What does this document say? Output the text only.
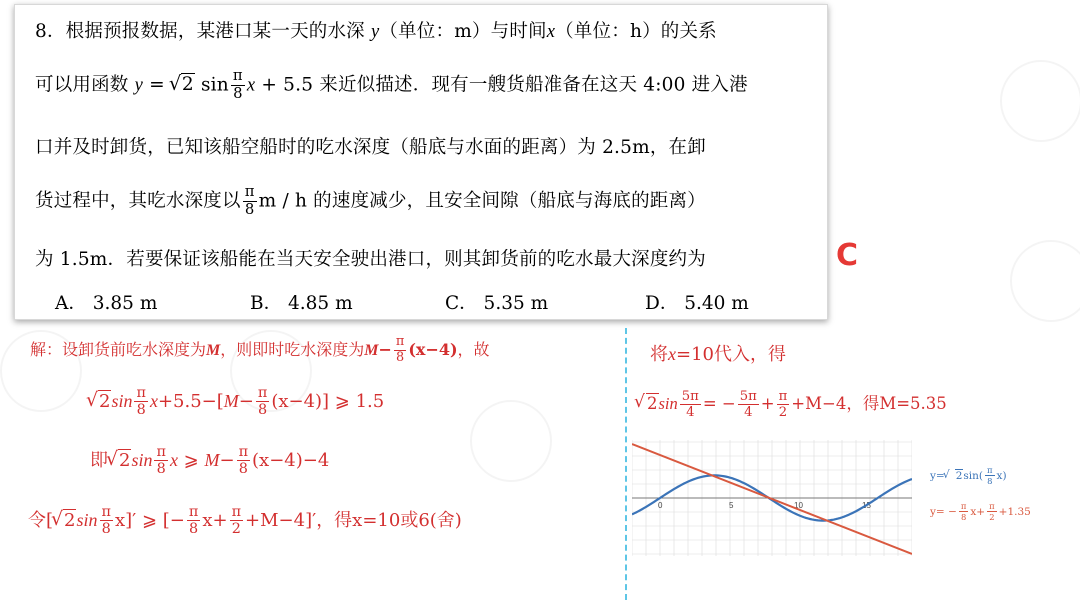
8．根据预报数据，某港口某一天的水深 y（单位：m）与时间x（单位：h）的关系
可以用函数 y = √ 2 $\sin \frac{\pi}{8}$ x + 5.5 来近似描述．现有一艘货船准备在这天 4:00 进入港
口并及时卸货，已知该船空船时的吃水深度（船底与水面的距离）为 2.5m，在卸
货过程中，其吃水深度以 $\frac{\pi}{8}$ m / h 的速度减少，且安全间隙（船底与海底的距离）
为 1.5m．若要保证该船能在当天安全驶出港口，则其卸货前的吃水最大深度约为
A． 3.85 m	B． 4.85 m	C． 5.35 m	D． 5.40 m
C
解：设卸货前吃水深度为M，则即时吃水深度为$M- \frac{\pi}{8} (x-4)$，故
√ $2\sin \frac{\pi}{8} x+5.5-[M- \frac{\pi}{8} (x-4)]$ ⩾ 1.5
即 √ $2\sin \frac{\pi}{8}$ x ⩾ $M- \frac{\pi}{8} (x-4)-4$
令[ √ $2\sin \frac{\pi}{8} x]'$ ⩾ [− $\frac{\pi}{8} x+ \frac{\pi}{2} +M-4]'$，得x=10或6(舍)
将x=10代入，得
√ $2\sin \frac{5\pi}{4}$ = − $\frac{5\pi}{4} + \frac{\pi}{2} +M-4$，得M=5.35
0	5	10	15
y= √ $2\sin( \frac{\pi}{8} x)$
$y= - \frac{\pi}{8} x+ \frac{\pi}{2} +1.35$
